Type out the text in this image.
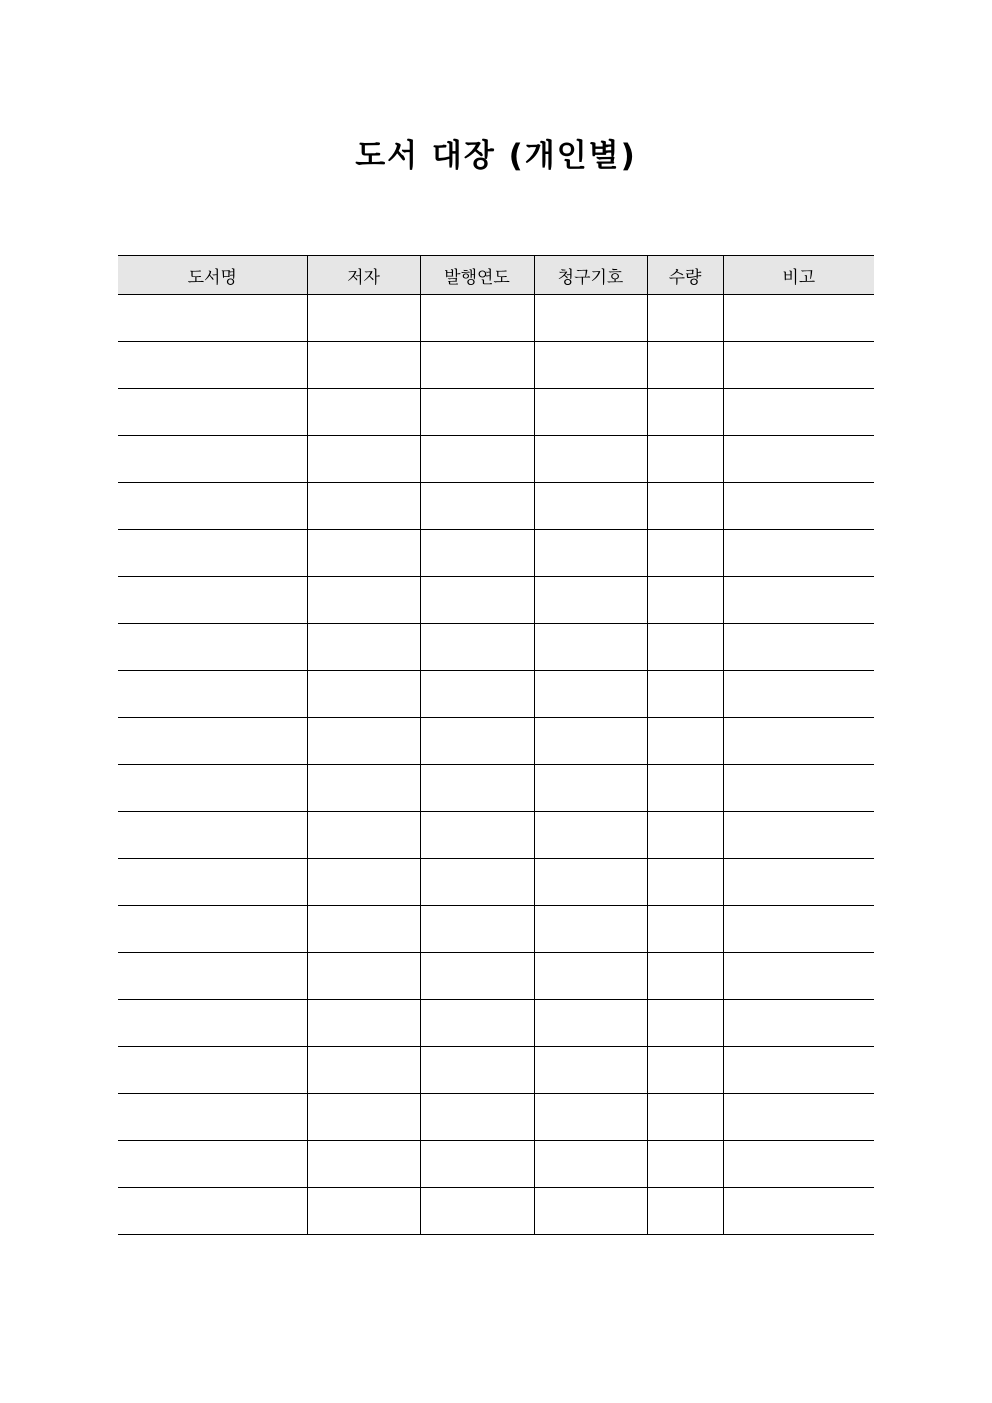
도서 대장 (개인별)
도서명	저자	발행연도	청구기호	수량	비고
